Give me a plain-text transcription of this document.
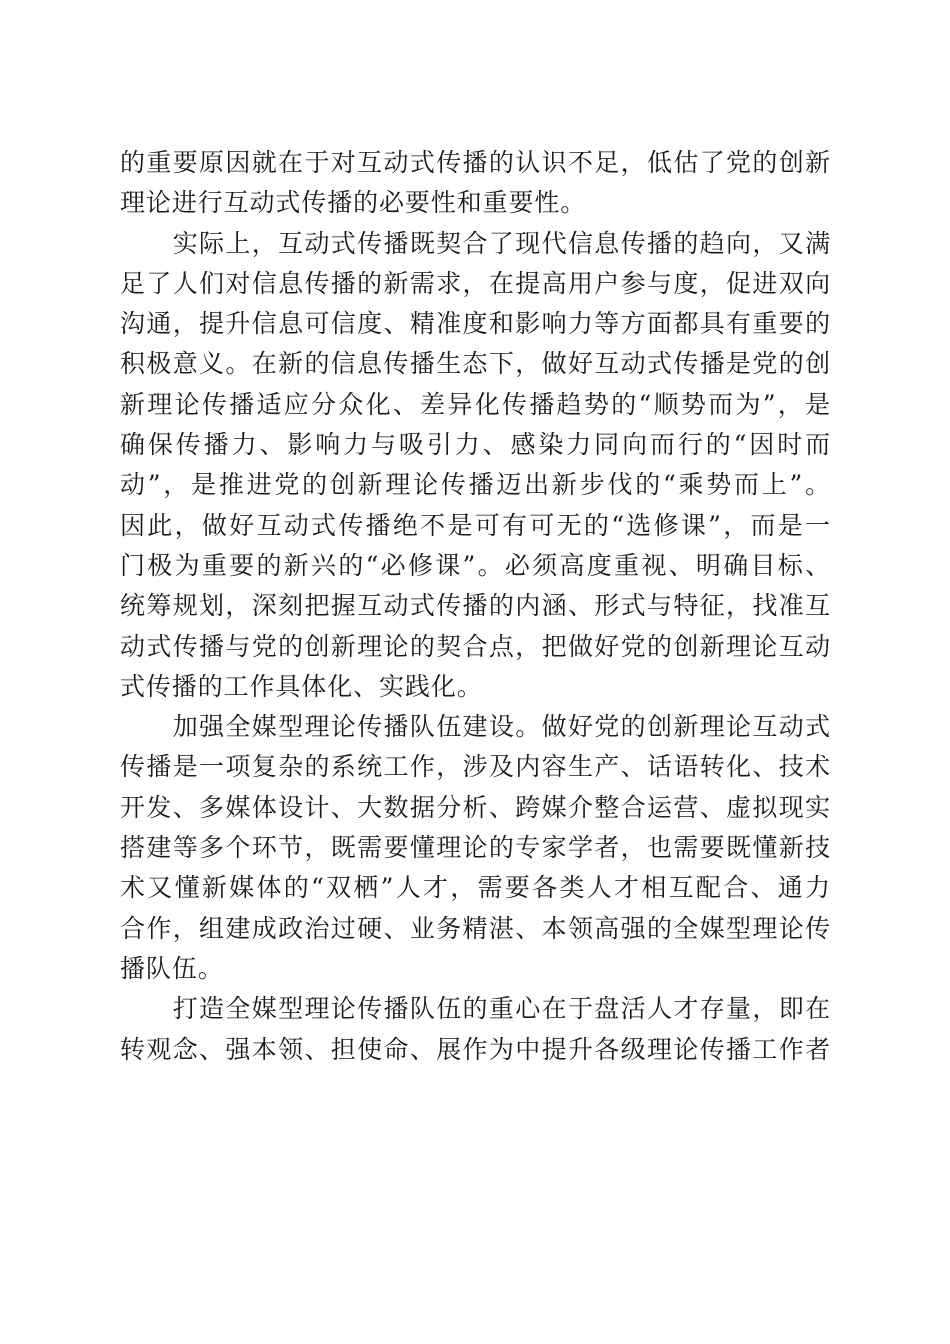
的重要原因就在于对互动式传播的认识不足，低估了党的创新
理论进行互动式传播的必要性和重要性。
　　实际上，互动式传播既契合了现代信息传播的趋向，又满
足了人们对信息传播的新需求，在提高用户参与度，促进双向
沟通，提升信息可信度、精准度和影响力等方面都具有重要的
积极意义。在新的信息传播生态下，做好互动式传播是党的创
新理论传播适应分众化、差异化传播趋势的“顺势而为”，是
确保传播力、影响力与吸引力、感染力同向而行的“因时而
动”，是推进党的创新理论传播迈出新步伐的“乘势而上”。
因此，做好互动式传播绝不是可有可无的“选修课”，而是一
门极为重要的新兴的“必修课”。必须高度重视、明确目标、
统筹规划，深刻把握互动式传播的内涵、形式与特征，找准互
动式传播与党的创新理论的契合点，把做好党的创新理论互动
式传播的工作具体化、实践化。
　　加强全媒型理论传播队伍建设。做好党的创新理论互动式
传播是一项复杂的系统工作，涉及内容生产、话语转化、技术
开发、多媒体设计、大数据分析、跨媒介整合运营、虚拟现实
搭建等多个环节，既需要懂理论的专家学者，也需要既懂新技
术又懂新媒体的“双栖”人才，需要各类人才相互配合、通力
合作，组建成政治过硬、业务精湛、本领高强的全媒型理论传
播队伍。
　　打造全媒型理论传播队伍的重心在于盘活人才存量，即在
转观念、强本领、担使命、展作为中提升各级理论传播工作者
